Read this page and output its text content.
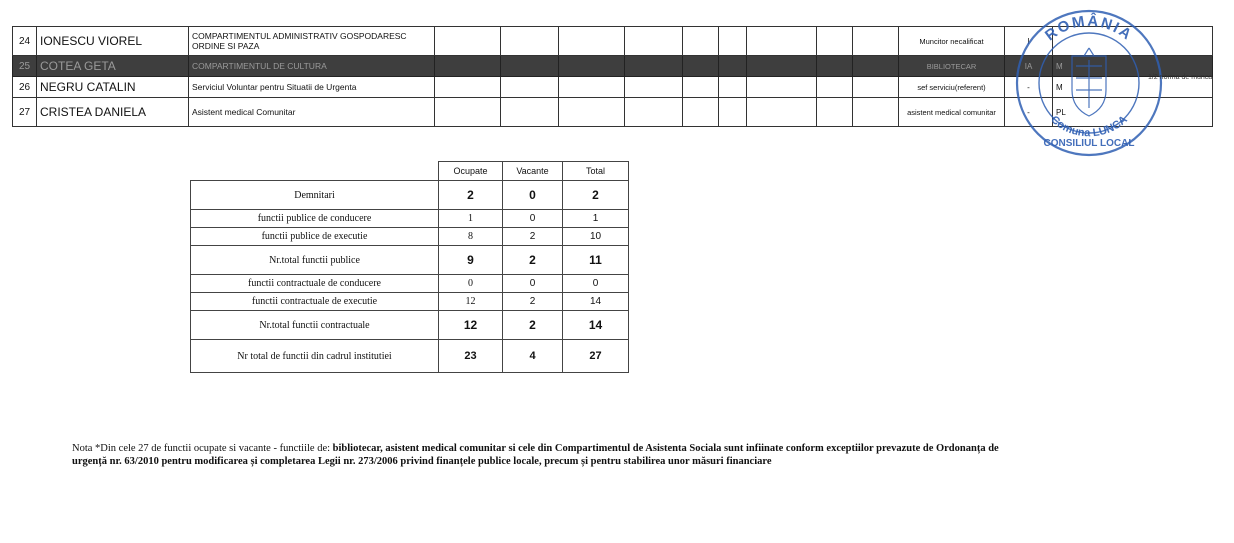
24	IONESCU VIOREL	COMPARTIMENTUL ADMINISTRATIV GOSPODARESC ORDINE SI PAZA										Muncitor necalificat	I	
25	COTEA GETA	COMPARTIMENTUL DE CULTURA										BIBLIOTECAR	IA	M
26	NEGRU CATALIN	Serviciul Voluntar pentru Situatii de Urgenta										sef serviciu(referent)	-	M
27	CRISTEA DANIELA	Asistent medical Comunitar										asistent medical comunitar	-	PL
ROMÂNIA
Comuna LUNCA
CONSILIUL LOCAL
1/2 norma de munca
	Ocupate	Vacante	Total
Demnitari	2	0	2
functii publice de conducere	1	0	1
functii publice de executie	8	2	10
Nr.total functii publice	9	2	11
functii contractuale de conducere	0	0	0
functii contractuale de executie	12	2	14
Nr.total functii contractuale	12	2	14
Nr total de functii din cadrul institutiei	23	4	27
Nota *Din cele 27 de functii ocupate si vacante - functiile de: bibliotecar, asistent medical comunitar si cele din Compartimentul de Asistenta Sociala sunt infiinate conform exceptiilor prevazute de Ordonanța de urgență nr. 63/2010 pentru modificarea și completarea Legii nr. 273/2006 privind finanțele publice locale, precum și pentru stabilirea unor măsuri financiare
